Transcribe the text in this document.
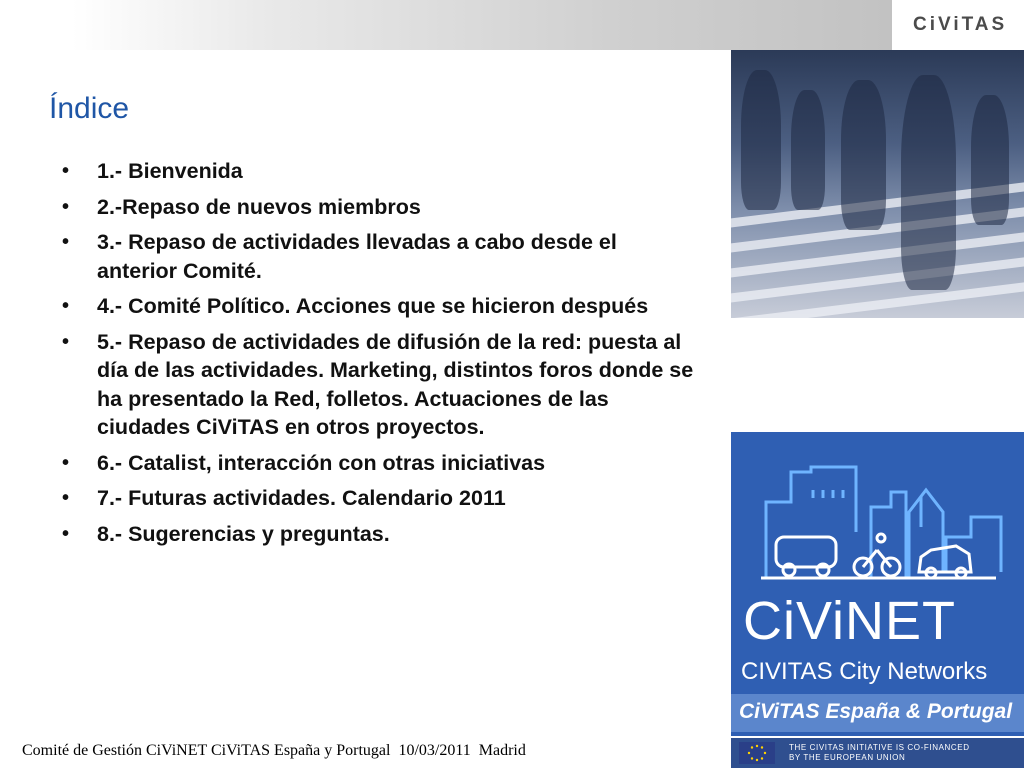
CiViTAS
Índice
• 1.- Bienvenida
• 2.-Repaso de nuevos miembros
• 3.- Repaso de actividades llevadas a cabo desde el anterior Comité.
• 4.- Comité Político. Acciones que se hicieron después
• 5.- Repaso de actividades de difusión de la red: puesta al día de las actividades. Marketing, distintos foros donde se ha presentado la Red, folletos. Actuaciones de las ciudades CiViTAS en otros proyectos.
• 6.- Catalist, interacción con otras iniciativas
• 7.- Futuras actividades. Calendario 2011
• 8.- Sugerencias y preguntas.
CiViNET
CIVITAS City Networks
CiViTAS España & Portugal
Comité de Gestión CiViNET CiViTAS España y Portugal  10/03/2011  Madrid	THE CIVITAS INITIATIVE IS CO-FINANCED
BY THE EUROPEAN UNION
